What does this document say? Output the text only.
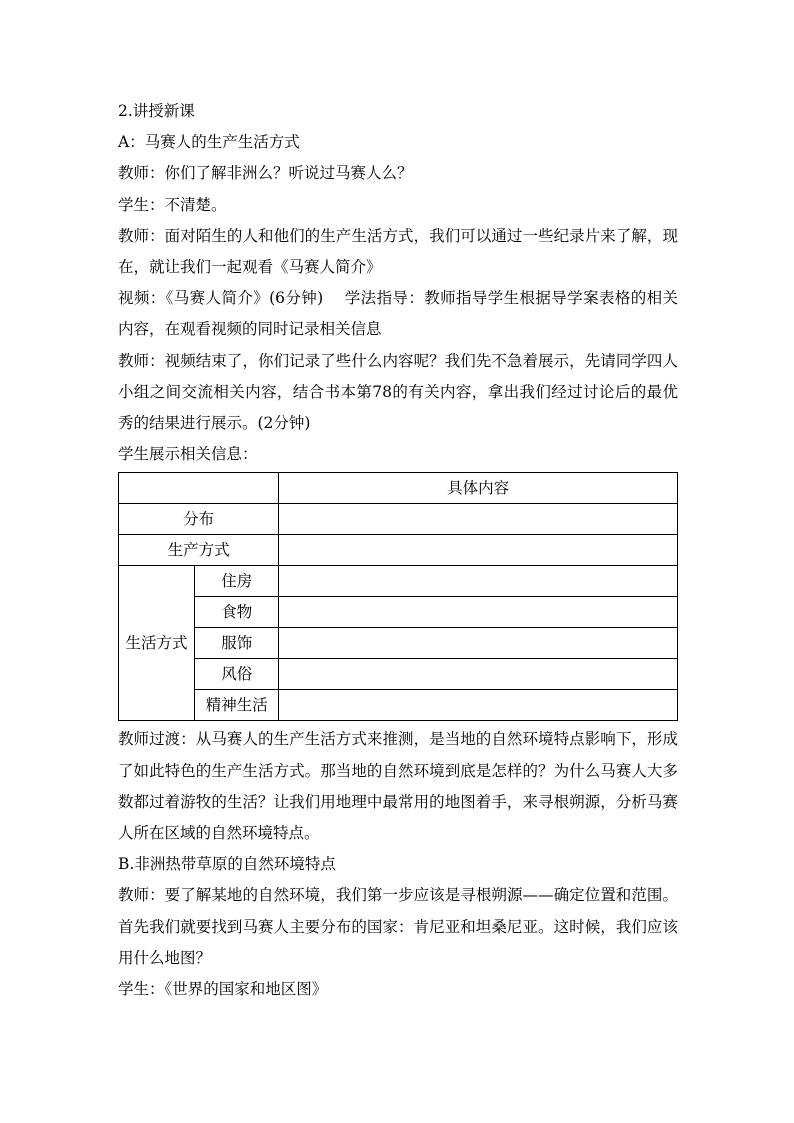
2.讲授新课
A：马赛人的生产生活方式
教师：你们了解非洲么？听说过马赛人么？
学生：不清楚。
教师：面对陌生的人和他们的生产生活方式，我们可以通过一些纪录片来了解，现在，就让我们一起观看《马赛人简介》
视频：《马赛人简介》(6分钟)　 学法指导：教师指导学生根据导学案表格的相关内容，在观看视频的同时记录相关信息
教师：视频结束了，你们记录了些什么内容呢？我们先不急着展示，先请同学四人小组之间交流相关内容，结合书本第78的有关内容，拿出我们经过讨论后的最优秀的结果进行展示。(2分钟)
学生展示相关信息：
		具体内容
分布		
生产方式		
生活方式	住房	
	食物	
	服饰	
	风俗	
	精神生活	
教师过渡：从马赛人的生产生活方式来推测，是当地的自然环境特点影响下，形成了如此特色的生产生活方式。那当地的自然环境到底是怎样的？为什么马赛人大多数都过着游牧的生活？让我们用地理中最常用的地图着手，来寻根朔源，分析马赛人所在区域的自然环境特点。
B.非洲热带草原的自然环境特点
教师：要了解某地的自然环境，我们第一步应该是寻根朔源——确定位置和范围。首先我们就要找到马赛人主要分布的国家：肯尼亚和坦桑尼亚。这时候，我们应该用什么地图？
学生：《世界的国家和地区图》
